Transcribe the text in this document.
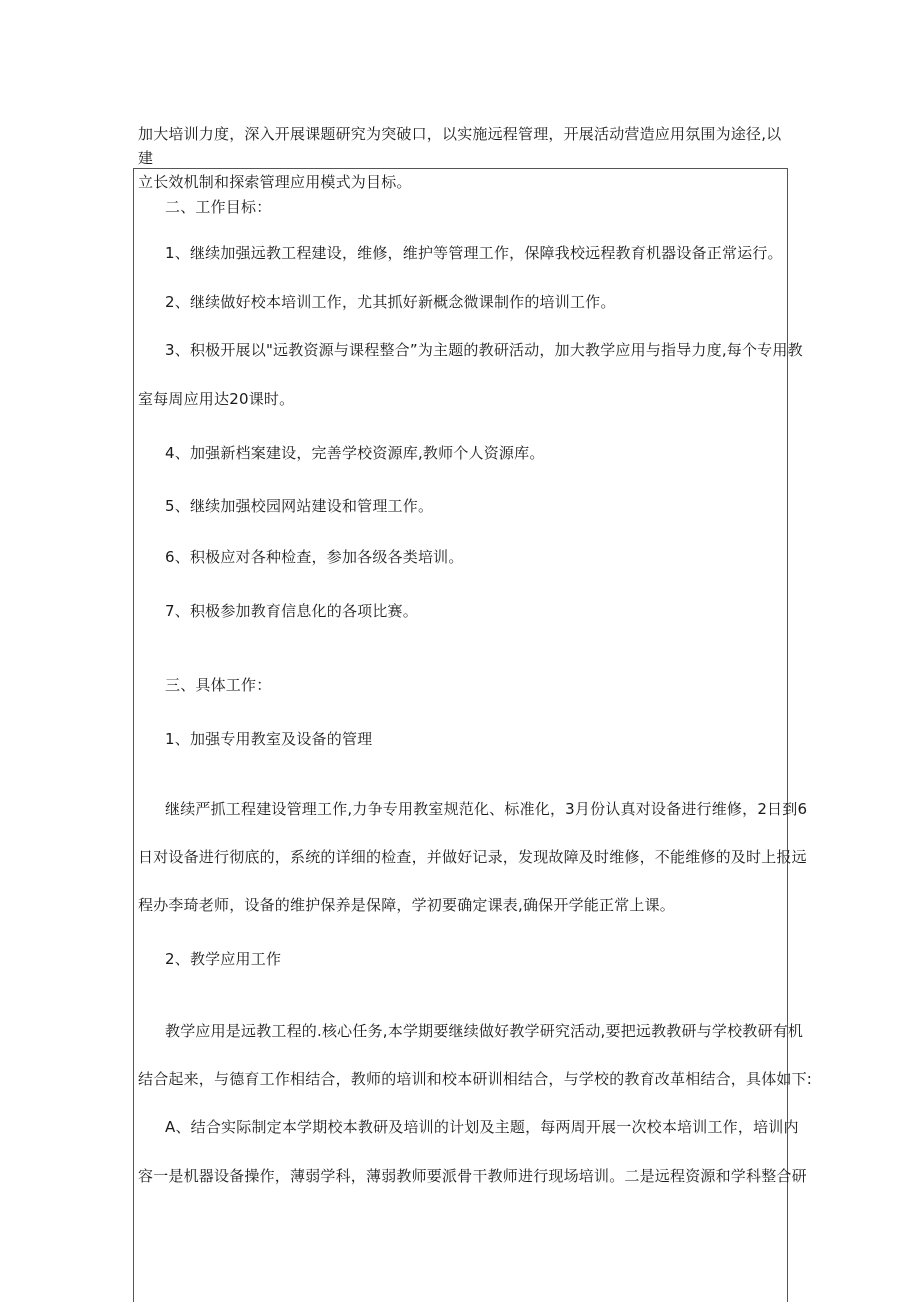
加大培训力度，深入开展课题研究为突破口，以实施远程管理，开展活动营造应用氛围为途径,以建
立长效机制和探索管理应用模式为目标。
二、工作目标：
1、继续加强远教工程建设，维修，维护等管理工作，保障我校远程教育机器设备正常运行。
2、继续做好校本培训工作，尤其抓好新概念微课制作的培训工作。
3、积极开展以"远教资源与课程整合”为主题的教研活动，加大教学应用与指导力度,每个专用教
室每周应用达20课时。
4、加强新档案建设，完善学校资源库,教师个人资源库。
5、继续加强校园网站建设和管理工作。
6、积极应对各种检查，参加各级各类培训。
7、积极参加教育信息化的各项比赛。
三、具体工作：
1、加强专用教室及设备的管理
继续严抓工程建设管理工作,力争专用教室规范化、标准化，3月份认真对设备进行维修，2日到6
日对设备进行彻底的，系统的详细的检查，并做好记录，发现故障及时维修，不能维修的及时上报远
程办李琦老师，设备的维护保养是保障，学初要确定课表,确保开学能正常上课。
2、教学应用工作
教学应用是远教工程的.核心任务,本学期要继续做好教学研究活动,要把远教教研与学校教研有机
结合起来，与德育工作相结合，教师的培训和校本研训相结合，与学校的教育改革相结合，具体如下:
A、结合实际制定本学期校本教研及培训的计划及主题，每两周开展一次校本培训工作，培训内
容一是机器设备操作，薄弱学科，薄弱教师要派骨干教师进行现场培训。二是远程资源和学科整合研
